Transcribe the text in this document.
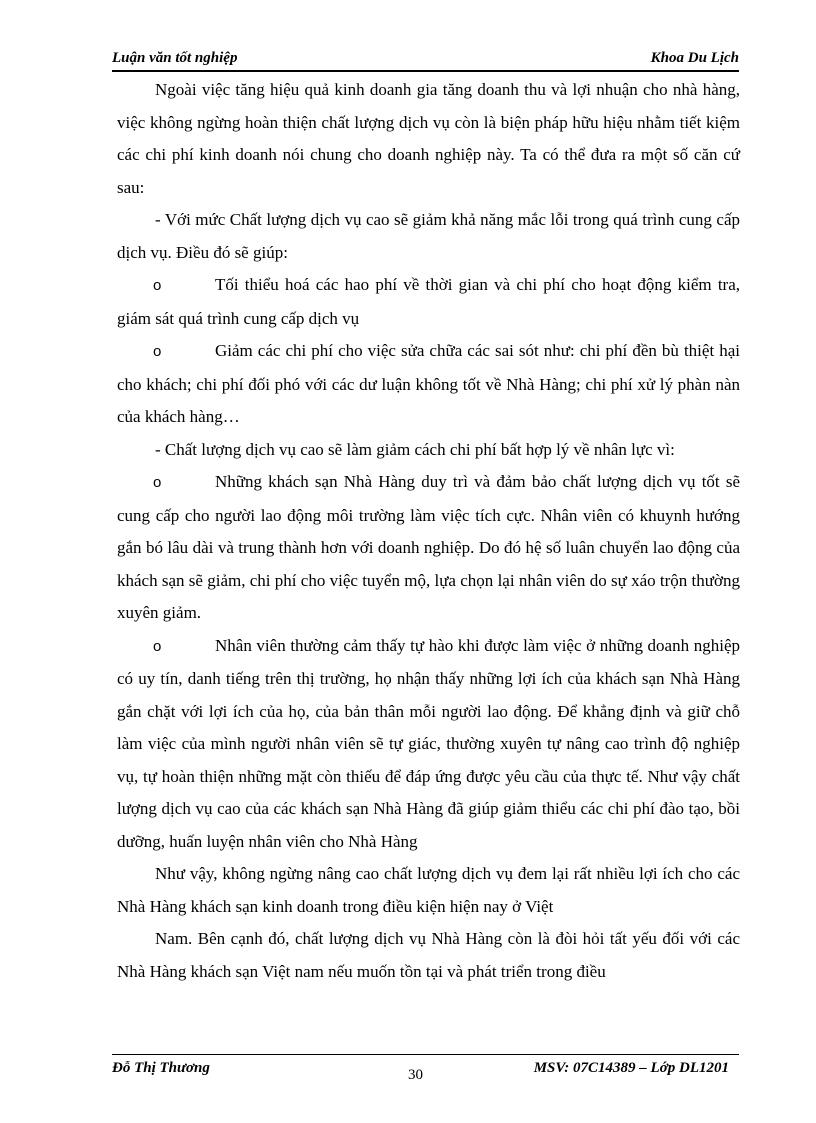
Luận văn tốt nghiệp	Khoa Du Lịch

Ngoài việc tăng hiệu quả kinh doanh gia tăng doanh thu và lợi nhuận cho nhà hàng, việc không ngừng hoàn thiện chất lượng dịch vụ còn là biện pháp hữu hiệu nhằm tiết kiệm các chi phí kinh doanh nói chung cho doanh nghiệp này. Ta có thể đưa ra một số căn cứ sau:

- Với mức Chất lượng dịch vụ cao sẽ giảm khả năng mắc lỗi trong quá trình cung cấp dịch vụ. Điều đó sẽ giúp:

o	Tối thiểu hoá các hao phí về thời gian và chi phí cho hoạt động kiểm tra, giám sát quá trình cung cấp dịch vụ

o	Giảm các chi phí cho việc sửa chữa các sai sót như: chi phí đền bù thiệt hại cho khách; chi phí đối phó với các dư luận không tốt về Nhà Hàng; chi phí xử lý phàn nàn của khách hàng…

- Chất lượng dịch vụ cao sẽ làm giảm cách chi phí bất hợp lý về nhân lực vì:

o	Những khách sạn Nhà Hàng duy trì và đảm bảo chất lượng dịch vụ tốt sẽ cung cấp cho người lao động môi trường làm việc tích cực. Nhân viên có khuynh hướng gắn bó lâu dài và trung thành hơn với doanh nghiệp. Do đó hệ số luân chuyển lao động của khách sạn sẽ giảm, chi phí cho việc tuyển mộ, lựa chọn lại nhân viên do sự xáo trộn thường xuyên giảm.

o	Nhân viên thường cảm thấy tự hào khi được làm việc ở những doanh nghiệp có uy tín, danh tiếng trên thị trường, họ nhận thấy những lợi ích của khách sạn Nhà Hàng gắn chặt với lợi ích của họ, của bản thân mỗi người lao động. Để khẳng định và giữ chỗ làm việc của mình người nhân viên sẽ tự giác, thường xuyên tự nâng cao trình độ nghiệp vụ, tự hoàn thiện những mặt còn thiếu để đáp ứng được yêu cầu của thực tế. Như vậy chất lượng dịch vụ cao của các khách sạn Nhà Hàng đã giúp giảm thiểu các chi phí đào tạo, bồi dưỡng, huấn luyện nhân viên cho Nhà Hàng

Như vậy, không ngừng nâng cao chất lượng dịch vụ đem lại rất nhiều lợi ích cho các Nhà Hàng khách sạn kinh doanh trong điều kiện hiện nay ở Việt

Nam. Bên cạnh đó, chất lượng dịch vụ Nhà Hàng còn là đòi hỏi tất yếu đối với các Nhà Hàng khách sạn Việt nam nếu muốn tồn tại và phát triển trong điều

Đỗ Thị Thương	30	MSV: 07C14389 – Lớp DL1201
